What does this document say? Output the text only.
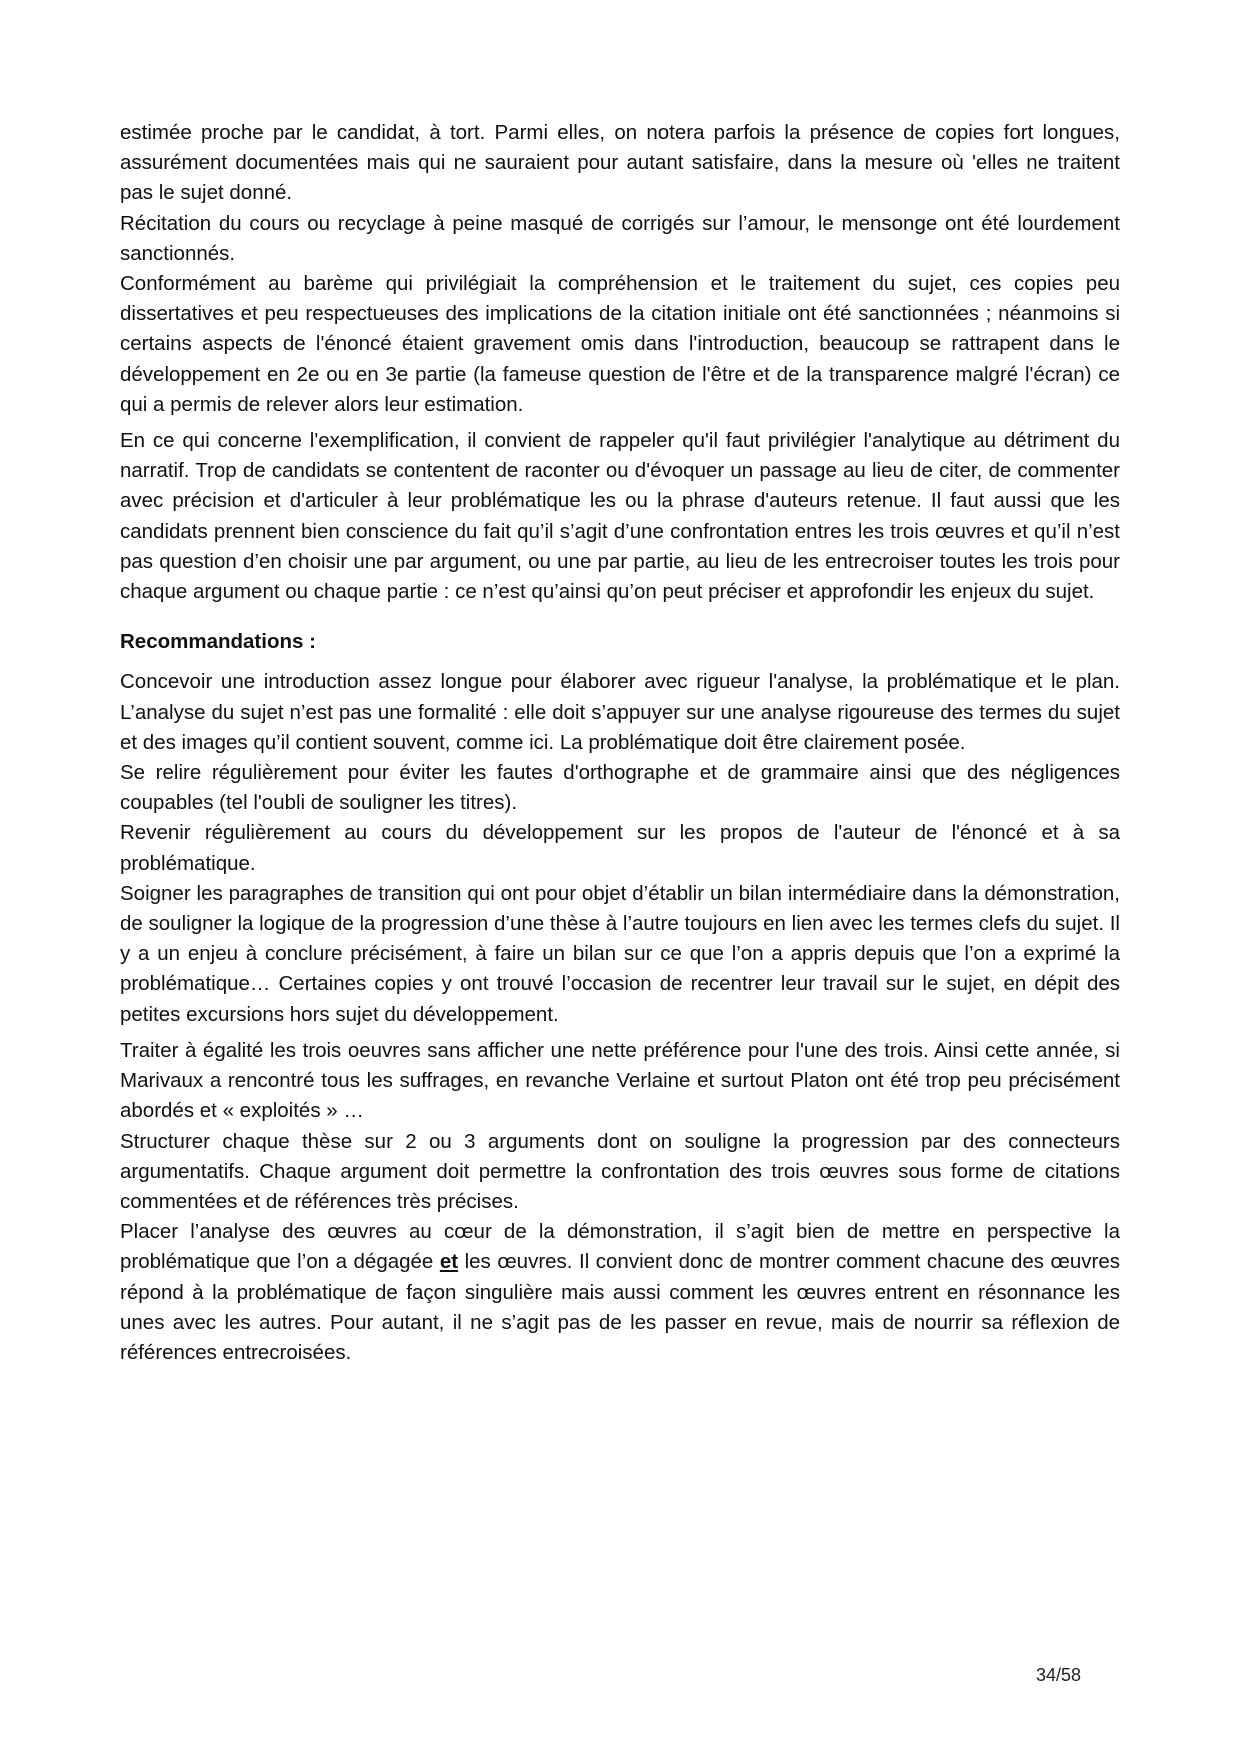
estimée proche par le candidat, à tort. Parmi elles, on notera parfois la présence de copies fort longues, assurément documentées mais qui ne sauraient pour autant satisfaire, dans la mesure où 'elles ne traitent pas le sujet donné.

Récitation du cours ou recyclage à peine masqué de corrigés sur l’amour, le mensonge ont été lourdement sanctionnés.

Conformément au barème qui privilégiait la compréhension et le traitement du sujet, ces copies peu dissertatives et peu respectueuses des implications de la citation initiale ont été sanctionnées ; néanmoins si certains aspects de l'énoncé étaient gravement omis dans l'introduction, beaucoup se rattrapent dans le développement en 2e ou en 3e partie (la fameuse question de l'être et de la transparence malgré l'écran) ce qui a permis de relever alors leur estimation.

En ce qui concerne l'exemplification, il convient de rappeler qu'il faut privilégier l'analytique au détriment du narratif. Trop de candidats se contentent de raconter ou d'évoquer un passage au lieu de citer, de commenter avec précision et d'articuler à leur problématique les ou la phrase d'auteurs retenue. Il faut aussi que les candidats prennent bien conscience du fait qu’il s’agit d’une confrontation entres les trois œuvres et qu’il n’est pas question d’en choisir une par argument, ou une par partie, au lieu de les entrecroiser toutes les trois pour chaque argument ou chaque partie : ce n’est qu’ainsi qu’on peut préciser et approfondir les enjeux du sujet.

Recommandations :

Concevoir une introduction assez longue pour élaborer avec rigueur l'analyse, la problématique et le plan. L’analyse du sujet n’est pas une formalité : elle doit s’appuyer sur une analyse rigoureuse des termes du sujet et des images qu’il contient souvent, comme ici. La problématique doit être clairement posée.

Se relire régulièrement pour éviter les fautes d'orthographe et de grammaire ainsi que des négligences coupables (tel l'oubli de souligner les titres).

Revenir régulièrement au cours du développement sur les propos de l'auteur de l'énoncé et à sa problématique.

Soigner les paragraphes de transition qui ont pour objet d’établir un bilan intermédiaire dans la démonstration, de souligner la logique de la progression d’une thèse à l’autre toujours en lien avec les termes clefs du sujet. Il y a un enjeu à conclure précisément, à faire un bilan sur ce que l’on a appris depuis que l’on a exprimé la problématique… Certaines copies y ont trouvé l’occasion de recentrer leur travail sur le sujet, en dépit des petites excursions hors sujet du développement.

Traiter à égalité les trois oeuvres sans afficher une nette préférence pour l'une des trois. Ainsi cette année, si Marivaux a rencontré tous les suffrages, en revanche Verlaine et surtout Platon ont été trop peu précisément abordés et « exploités » …

Structurer chaque thèse sur 2 ou 3 arguments dont on souligne la progression par des connecteurs argumentatifs. Chaque argument doit permettre la confrontation des trois œuvres sous forme de citations commentées et de références très précises.

Placer l’analyse des œuvres au cœur de la démonstration, il s’agit bien de mettre en perspective la problématique que l’on a dégagée et les œuvres. Il convient donc de montrer comment chacune des œuvres répond à la problématique de façon singulière mais aussi comment les œuvres entrent en résonnance les unes avec les autres. Pour autant, il ne s’agit pas de les passer en revue, mais de nourrir sa réflexion de références entrecroisées.

34/58
